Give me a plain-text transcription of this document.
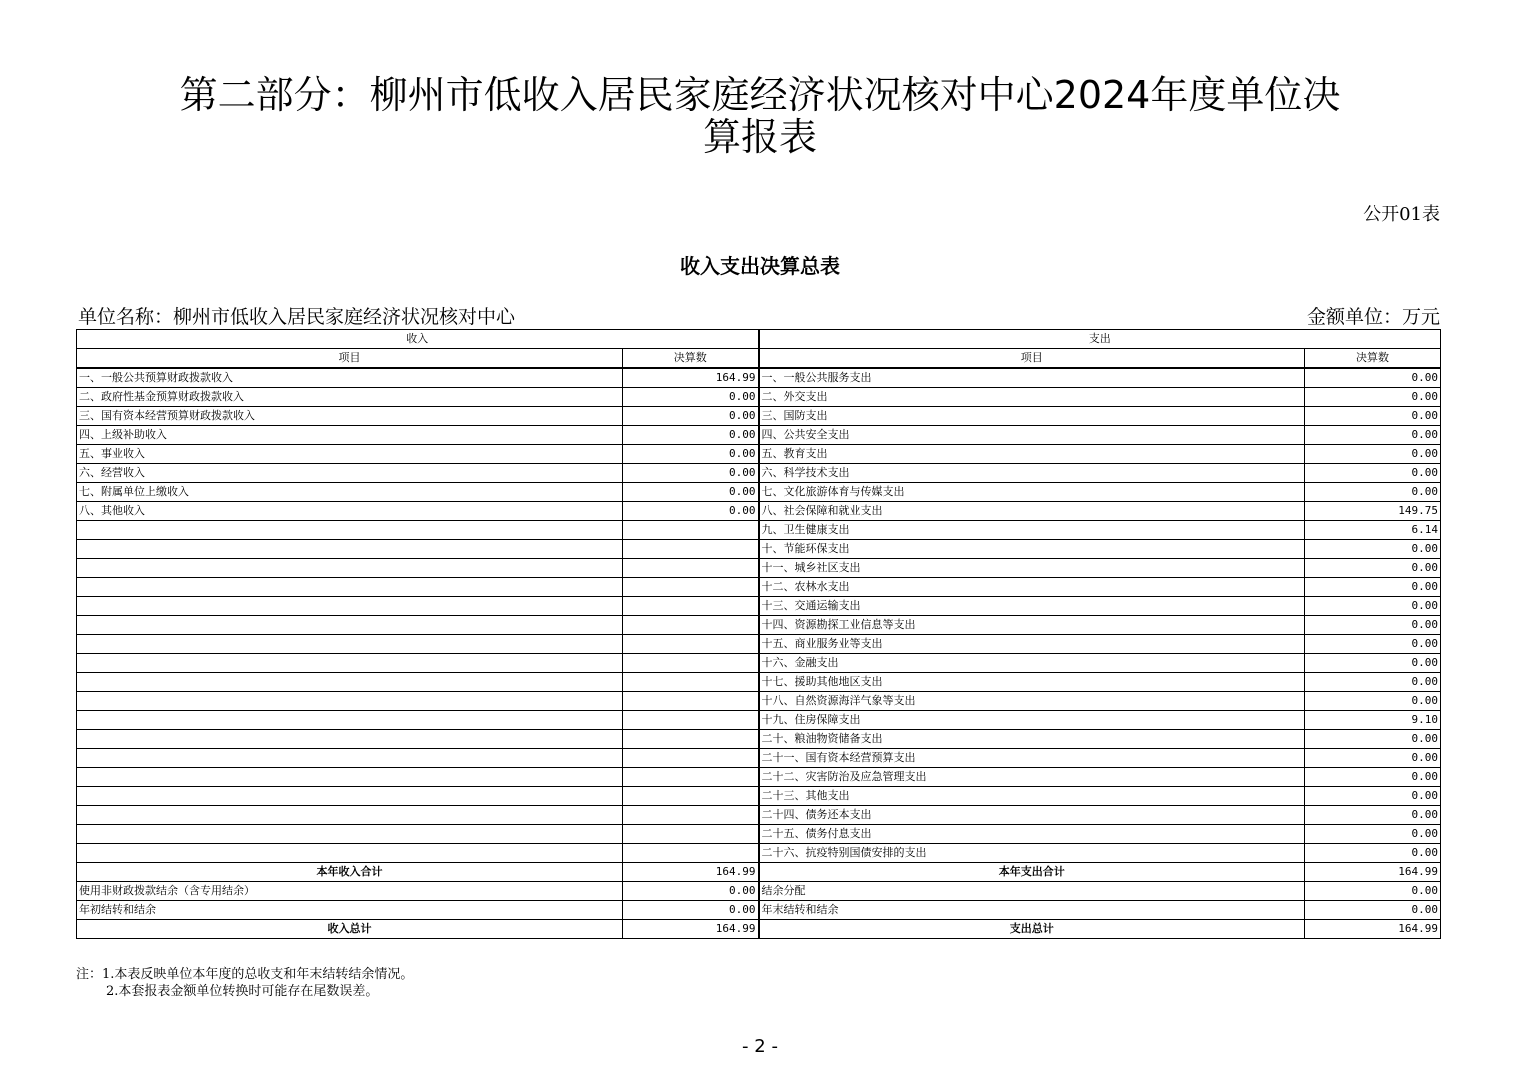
第二部分：柳州市低收入居民家庭经济状况核对中心2024年度单位决
算报表
公开01表
收入支出决算总表
单位名称：柳州市低收入居民家庭经济状况核对中心	金额单位：万元
收入		支出	
项目	决算数	项目	决算数
一、一般公共预算财政拨款收入	164.99	一、一般公共服务支出	0.00
二、政府性基金预算财政拨款收入	0.00	二、外交支出	0.00
三、国有资本经营预算财政拨款收入	0.00	三、国防支出	0.00
四、上级补助收入	0.00	四、公共安全支出	0.00
五、事业收入	0.00	五、教育支出	0.00
六、经营收入	0.00	六、科学技术支出	0.00
七、附属单位上缴收入	0.00	七、文化旅游体育与传媒支出	0.00
八、其他收入	0.00	八、社会保障和就业支出	149.75
		九、卫生健康支出	6.14
		十、节能环保支出	0.00
		十一、城乡社区支出	0.00
		十二、农林水支出	0.00
		十三、交通运输支出	0.00
		十四、资源勘探工业信息等支出	0.00
		十五、商业服务业等支出	0.00
		十六、金融支出	0.00
		十七、援助其他地区支出	0.00
		十八、自然资源海洋气象等支出	0.00
		十九、住房保障支出	9.10
		二十、粮油物资储备支出	0.00
		二十一、国有资本经营预算支出	0.00
		二十二、灾害防治及应急管理支出	0.00
		二十三、其他支出	0.00
		二十四、债务还本支出	0.00
		二十五、债务付息支出	0.00
		二十六、抗疫特别国债安排的支出	0.00
本年收入合计	164.99	本年支出合计	164.99
使用非财政拨款结余（含专用结余）	0.00	结余分配	0.00
年初结转和结余	0.00	年末结转和结余	0.00
收入总计	164.99	支出总计	164.99
注：1.本表反映单位本年度的总收支和年末结转结余情况。
2.本套报表金额单位转换时可能存在尾数误差。
- 2 -
